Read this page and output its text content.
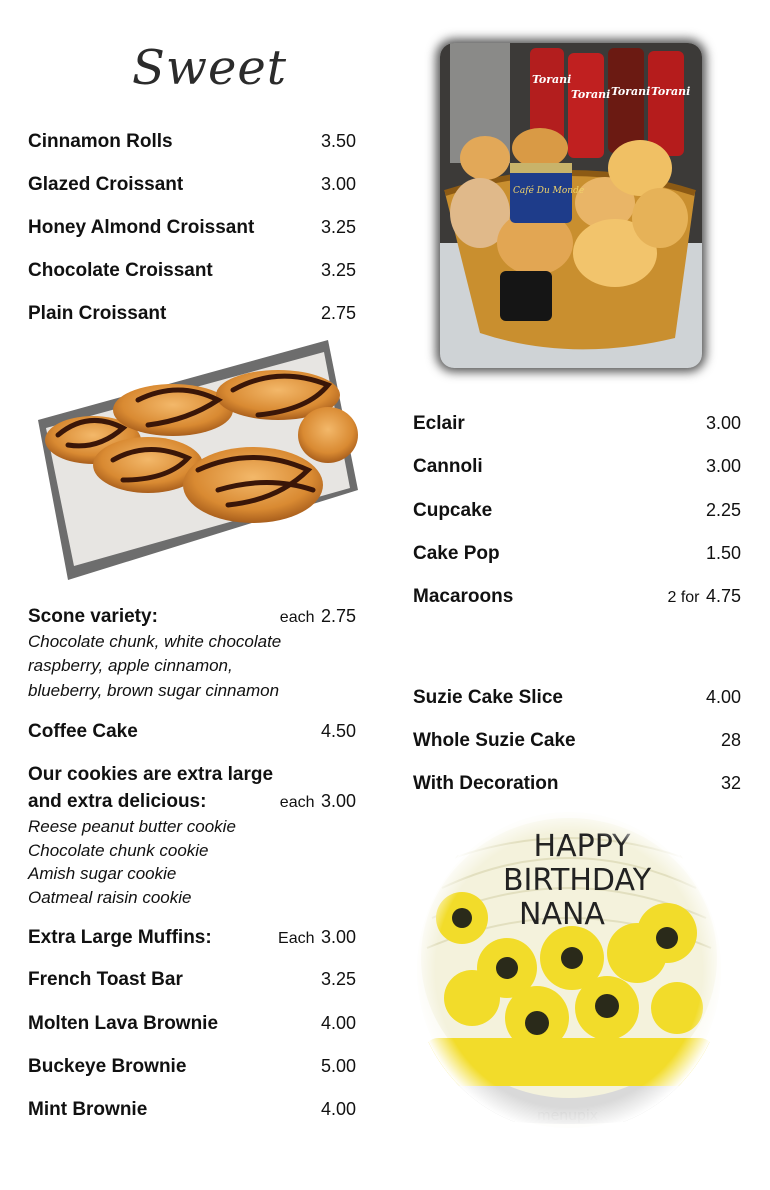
Sweet
Cinnamon Rolls	3.50
Glazed Croissant	3.00
Honey Almond Croissant	3.25
Chocolate Croissant	3.25
Plain Croissant	2.75
Scone variety:	each 2.75
Chocolate chunk, white chocolate
raspberry, apple cinnamon,
blueberry, brown sugar cinnamon
Coffee Cake	4.50
Our cookies are extra large
and extra delicious:	each 3.00
Reese peanut butter cookie
Chocolate chunk cookie
Amish sugar cookie
Oatmeal raisin cookie
Extra Large Muffins:	Each 3.00
French Toast Bar	3.25
Molten Lava Brownie	4.00
Buckeye Brownie	5.00
Mint Brownie	4.00
Torani
Torani Torani Torani
Café Du Monde
Eclair	3.00
Cannoli	3.00
Cupcake	2.25
Cake Pop	1.50
Macaroons	2 for 4.75
Suzie Cake Slice	4.00
Whole Suzie Cake	28
With Decoration	32
